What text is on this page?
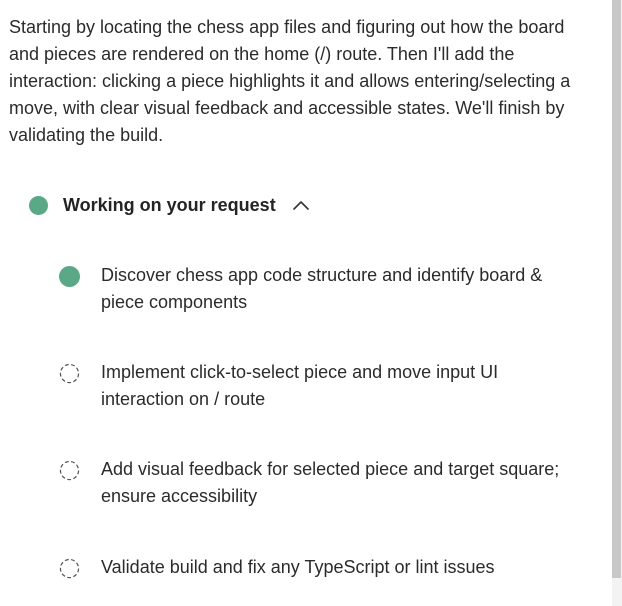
Starting by locating the chess app files and figuring out how the board and pieces are rendered on the home (/) route. Then I'll add the interaction: clicking a piece highlights it and allows entering/selecting a move, with clear visual feedback and accessible states. We'll finish by validating the build.

Working on your request
Discover chess app code structure and identify board & piece components
Implement click-to-select piece and move input UI interaction on / route
Add visual feedback for selected piece and target square; ensure accessibility
Validate build and fix any TypeScript or lint issues
